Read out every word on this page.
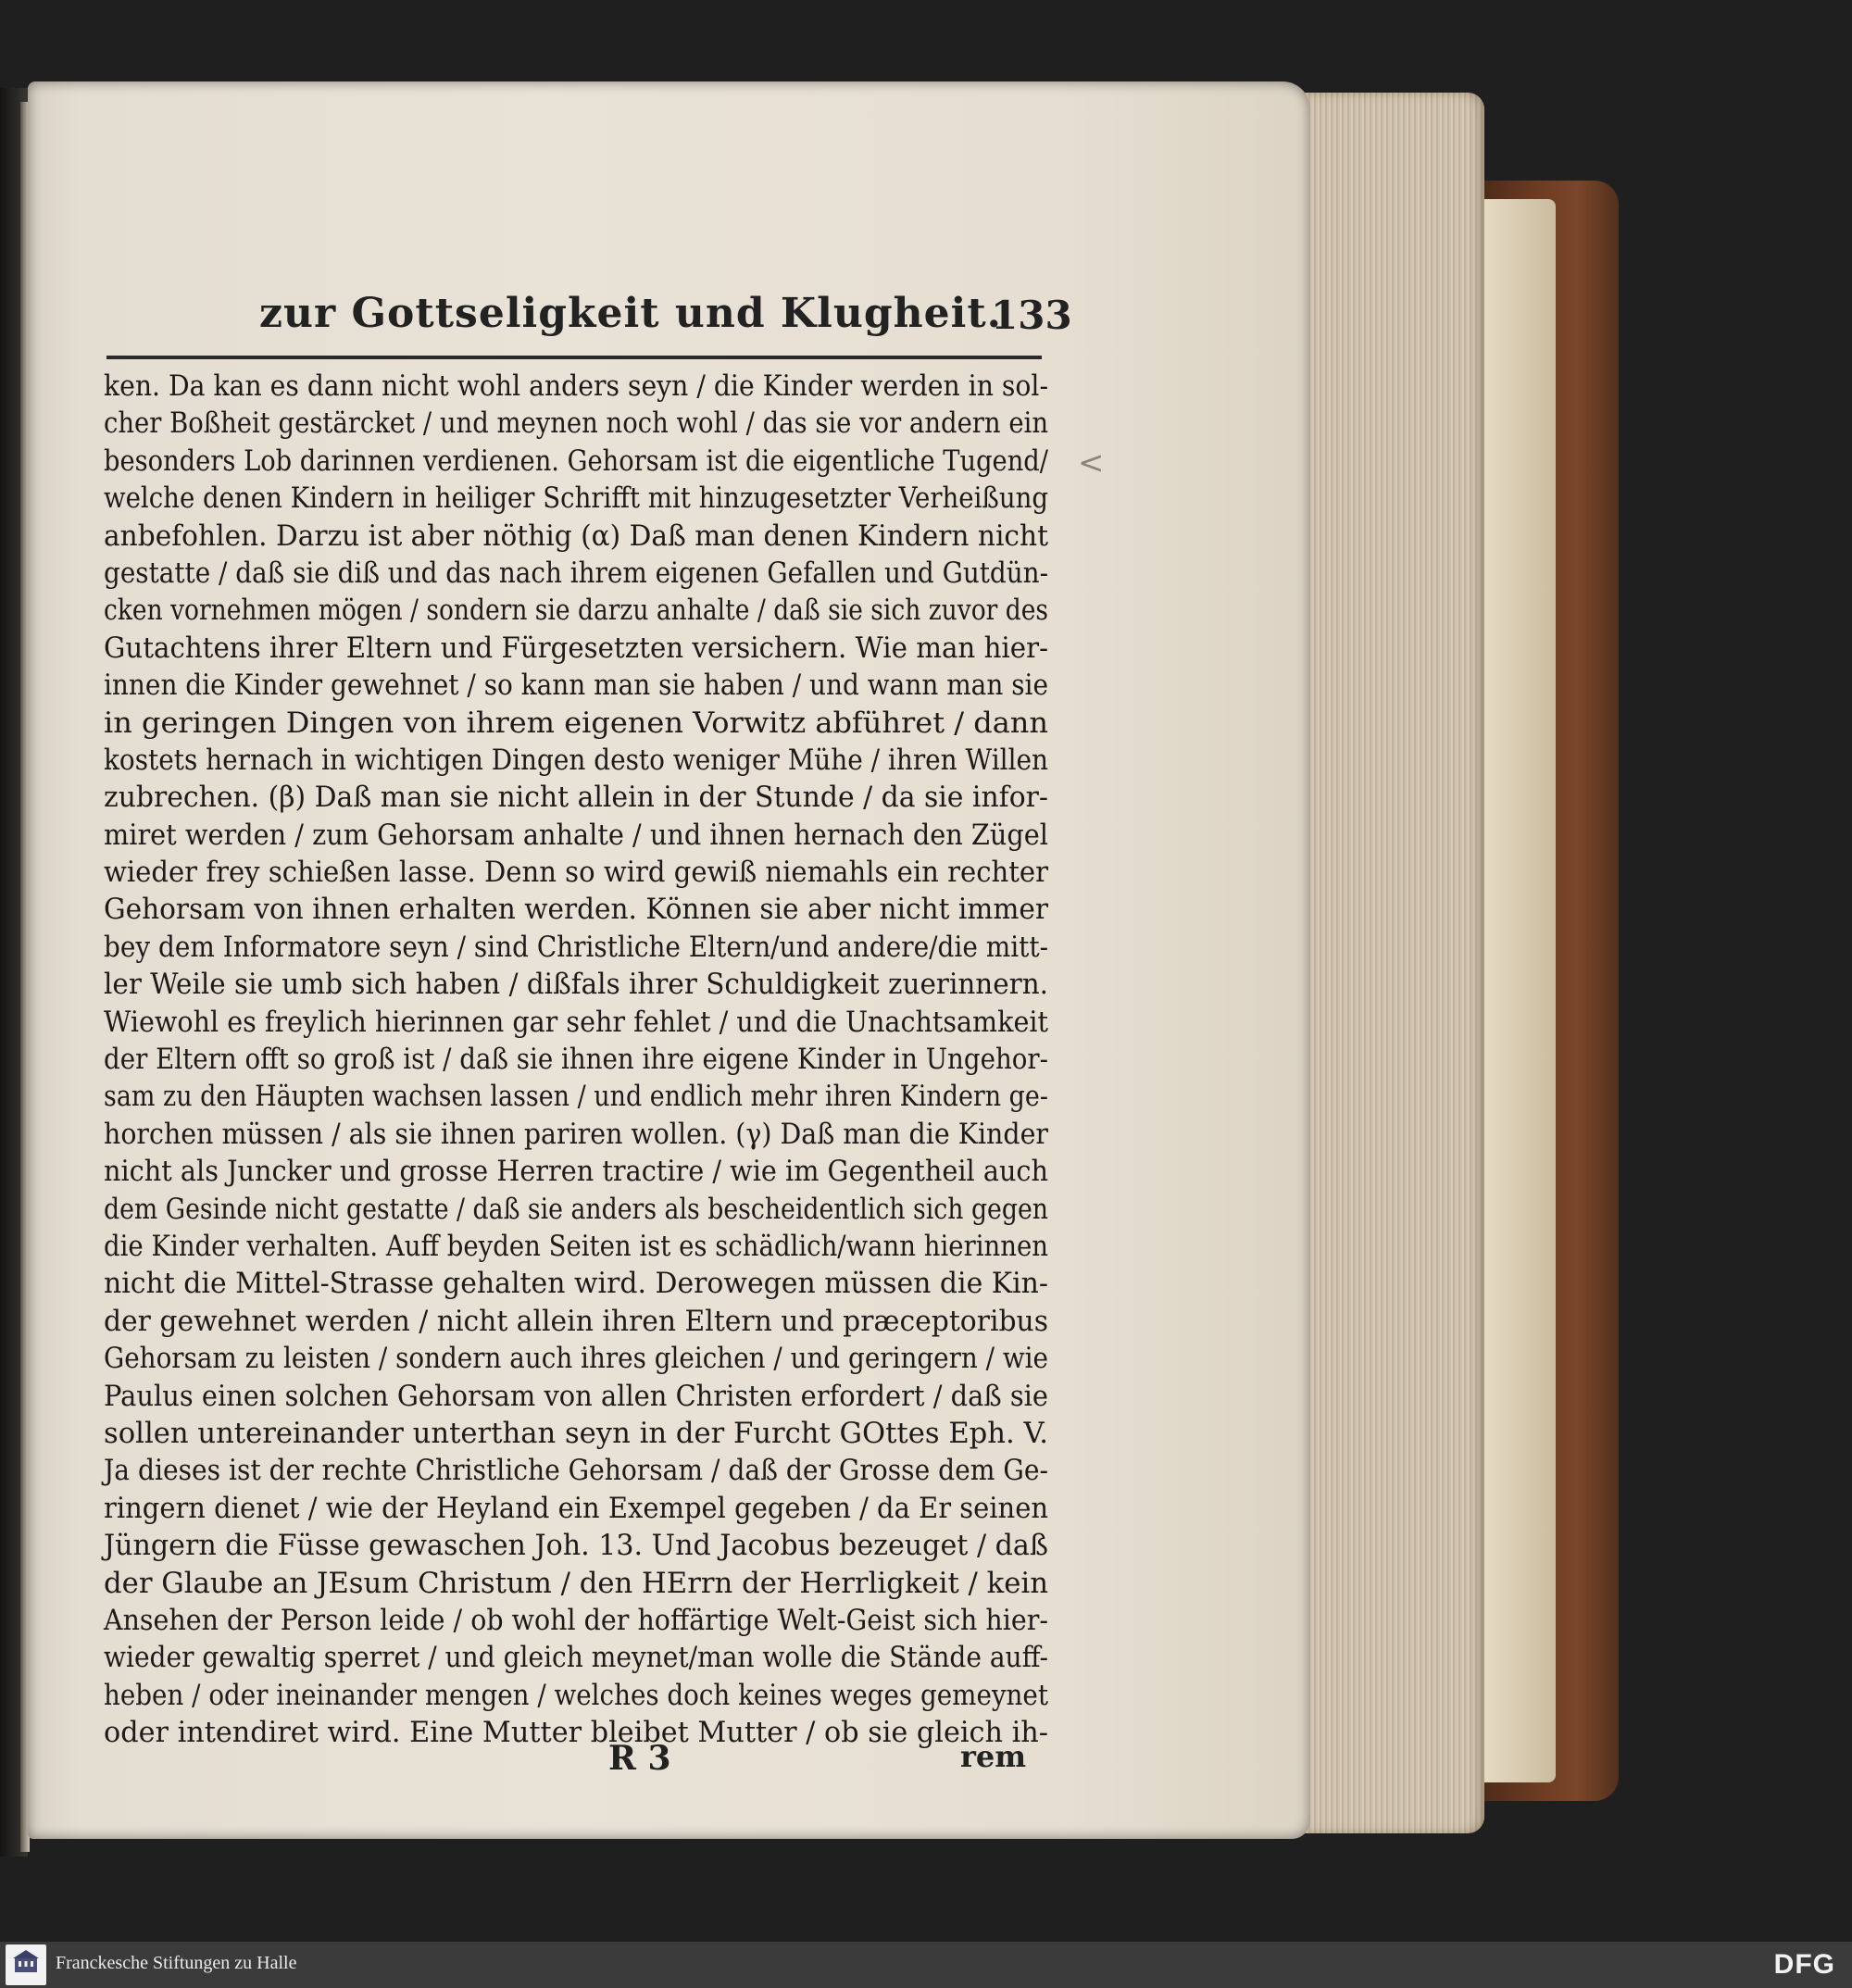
zur Gottseligkeit und Klugheit.
133
ken. Da kan es dann nicht wohl anders seyn / die Kinder werden in sol-
cher Boßheit gestärcket / und meynen noch wohl / das sie vor andern ein
besonders Lob darinnen verdienen. Gehorsam ist die eigentliche Tugend/
welche denen Kindern in heiliger Schrifft mit hinzugesetzter Verheißung
anbefohlen. Darzu ist aber nöthig (α) Daß man denen Kindern nicht
gestatte / daß sie diß und das nach ihrem eigenen Gefallen und Gutdün-
cken vornehmen mögen / sondern sie darzu anhalte / daß sie sich zuvor des
Gutachtens ihrer Eltern und Fürgesetzten versichern. Wie man hier-
innen die Kinder gewehnet / so kann man sie haben / und wann man sie
in geringen Dingen von ihrem eigenen Vorwitz abführet / dann
kostets hernach in wichtigen Dingen desto weniger Mühe / ihren Willen
zubrechen. (β) Daß man sie nicht allein in der Stunde / da sie infor-
miret werden / zum Gehorsam anhalte / und ihnen hernach den Zügel
wieder frey schießen lasse. Denn so wird gewiß niemahls ein rechter
Gehorsam von ihnen erhalten werden. Können sie aber nicht immer
bey dem Informatore seyn / sind Christliche Eltern/und andere/die mitt-
ler Weile sie umb sich haben / dißfals ihrer Schuldigkeit zuerinnern.
Wiewohl es freylich hierinnen gar sehr fehlet / und die Unachtsamkeit
der Eltern offt so groß ist / daß sie ihnen ihre eigene Kinder in Ungehor-
sam zu den Häupten wachsen lassen / und endlich mehr ihren Kindern ge-
horchen müssen / als sie ihnen pariren wollen. (γ) Daß man die Kinder
nicht als Juncker und grosse Herren tractire / wie im Gegentheil auch
dem Gesinde nicht gestatte / daß sie anders als bescheidentlich sich gegen
die Kinder verhalten. Auff beyden Seiten ist es schädlich/wann hierinnen
nicht die Mittel-Strasse gehalten wird. Derowegen müssen die Kin-
der gewehnet werden / nicht allein ihren Eltern und præceptoribus
Gehorsam zu leisten / sondern auch ihres gleichen / und geringern / wie
Paulus einen solchen Gehorsam von allen Christen erfordert / daß sie
sollen untereinander unterthan seyn in der Furcht GOttes Eph. V.
Ja dieses ist der rechte Christliche Gehorsam / daß der Grosse dem Ge-
ringern dienet / wie der Heyland ein Exempel gegeben / da Er seinen
Jüngern die Füsse gewaschen Joh. 13. Und Jacobus bezeuget / daß
der Glaube an JEsum Christum / den HErrn der Herrligkeit / kein
Ansehen der Person leide / ob wohl der hoffärtige Welt-Geist sich hier-
wieder gewaltig sperret / und gleich meynet/man wolle die Stände auff-
heben / oder ineinander mengen / welches doch keines weges gemeynet
oder intendiret wird. Eine Mutter bleibet Mutter / ob sie gleich ih-
<
R 3	rem
Franckesche Stiftungen zu Halle	DFG
